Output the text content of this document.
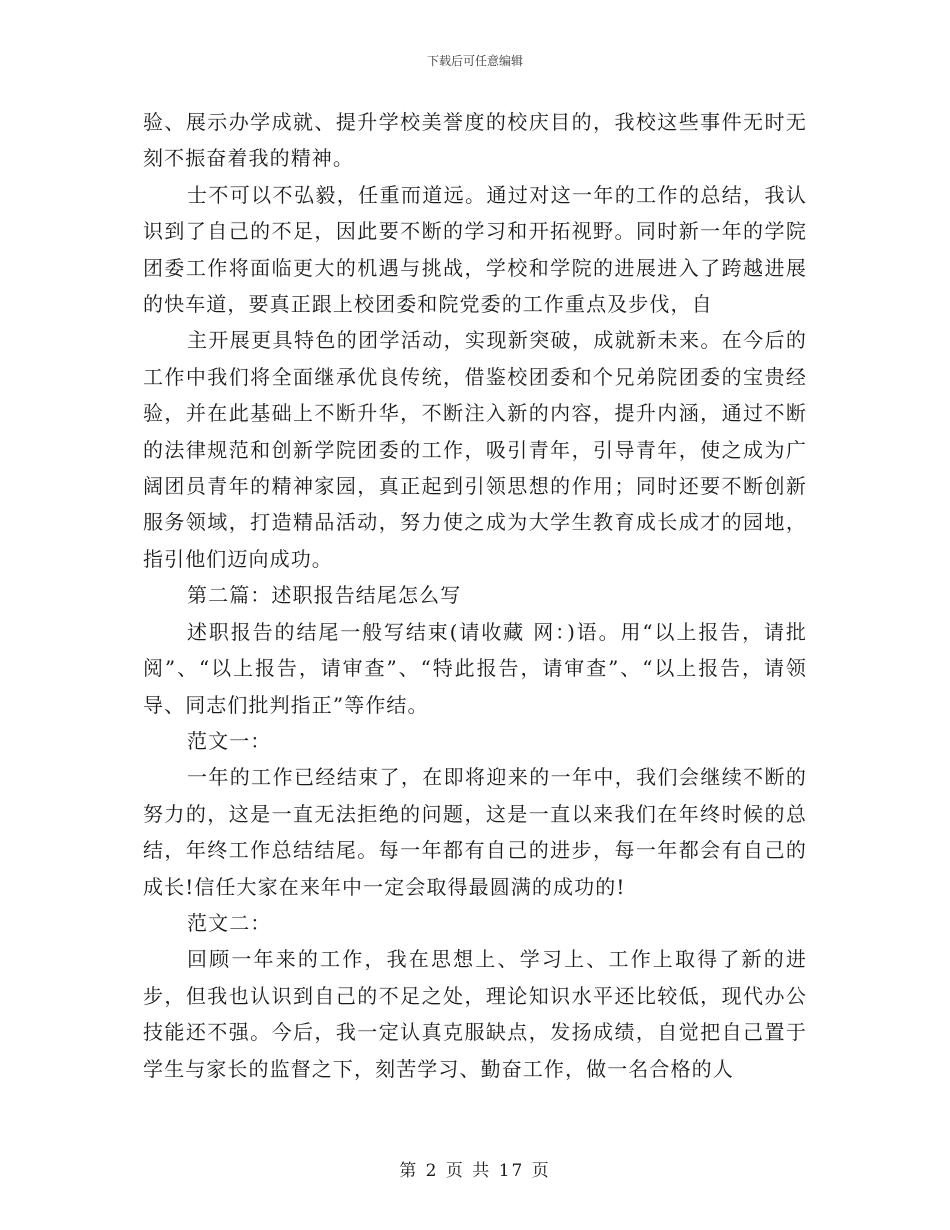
下载后可任意编辑

验、展示办学成就、提升学校美誉度的校庆目的，我校这些事件无时无刻不振奋着我的精神。

士不可以不弘毅，任重而道远。通过对这一年的工作的总结，我认识到了自己的不足，因此要不断的学习和开拓视野。同时新一年的学院团委工作将面临更大的机遇与挑战，学校和学院的进展进入了跨越进展的快车道，要真正跟上校团委和院党委的工作重点及步伐，自

主开展更具特色的团学活动，实现新突破，成就新未来。在今后的工作中我们将全面继承优良传统，借鉴校团委和个兄弟院团委的宝贵经验，并在此基础上不断升华，不断注入新的内容，提升内涵，通过不断的法律规范和创新学院团委的工作，吸引青年，引导青年，使之成为广阔团员青年的精神家园，真正起到引领思想的作用；同时还要不断创新服务领域，打造精品活动，努力使之成为大学生教育成长成才的园地，指引他们迈向成功。

第二篇：述职报告结尾怎么写

述职报告的结尾一般写结束(请收藏 网：)语。用“以上报告，请批阅”、“以上报告，请审查”、“特此报告，请审查”、“以上报告，请领导、同志们批判指正”等作结。

范文一：

一年的工作已经结束了，在即将迎来的一年中，我们会继续不断的努力的，这是一直无法拒绝的问题，这是一直以来我们在年终时候的总结，年终工作总结结尾。每一年都有自己的进步，每一年都会有自己的成长!信任大家在来年中一定会取得最圆满的成功的!

范文二：

回顾一年来的工作，我在思想上、学习上、工作上取得了新的进步，但我也认识到自己的不足之处，理论知识水平还比较低，现代办公技能还不强。今后，我一定认真克服缺点，发扬成绩，自觉把自己置于学生与家长的监督之下，刻苦学习、勤奋工作，做一名合格的人

第 2 页 共 17 页
